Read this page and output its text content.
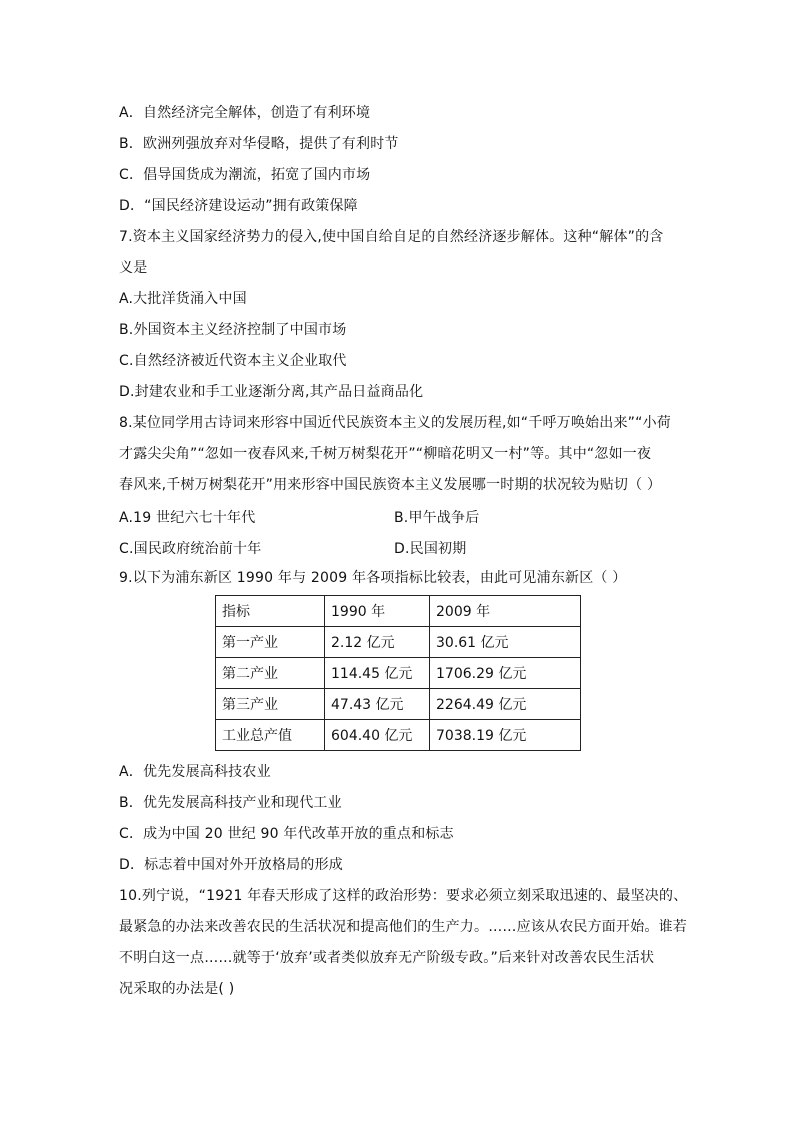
A．自然经济完全解体，创造了有利环境
B．欧洲列强放弃对华侵略，提供了有利时节
C．倡导国货成为潮流，拓宽了国内市场
D．“国民经济建设运动”拥有政策保障
7.资本主义国家经济势力的侵入,使中国自给自足的自然经济逐步解体。这种“解体”的含
义是
A.大批洋货涌入中国
B.外国资本主义经济控制了中国市场
C.自然经济被近代资本主义企业取代
D.封建农业和手工业逐渐分离,其产品日益商品化
8.某位同学用古诗词来形容中国近代民族资本主义的发展历程,如“千呼万唤始出来”“小荷
才露尖尖角”“忽如一夜春风来,千树万树梨花开”“柳暗花明又一村”等。其中“忽如一夜
春风来,千树万树梨花开”用来形容中国民族资本主义发展哪一时期的状况较为贴切（ ）
A.19 世纪六七十年代	B.甲午战争后
C.国民政府统治前十年	D.民国初期
9.以下为浦东新区 1990 年与 2009 年各项指标比较表，由此可见浦东新区（ ）
指标	1990 年	2009 年
第一产业	2.12 亿元	30.61 亿元
第二产业	114.45 亿元	1706.29 亿元
第三产业	47.43 亿元	2264.49 亿元
工业总产值	604.40 亿元	7038.19 亿元
A．优先发展高科技农业
B．优先发展高科技产业和现代工业
C．成为中国 20 世纪 90 年代改革开放的重点和标志
D．标志着中国对外开放格局的形成
10.列宁说，“1921 年春天形成了这样的政治形势：要求必须立刻采取迅速的、最坚决的、
最紧急的办法来改善农民的生活状况和提高他们的生产力。……应该从农民方面开始。谁若
不明白这一点……就等于‘放弃’或者类似放弃无产阶级专政。”后来针对改善农民生活状
况采取的办法是( )
